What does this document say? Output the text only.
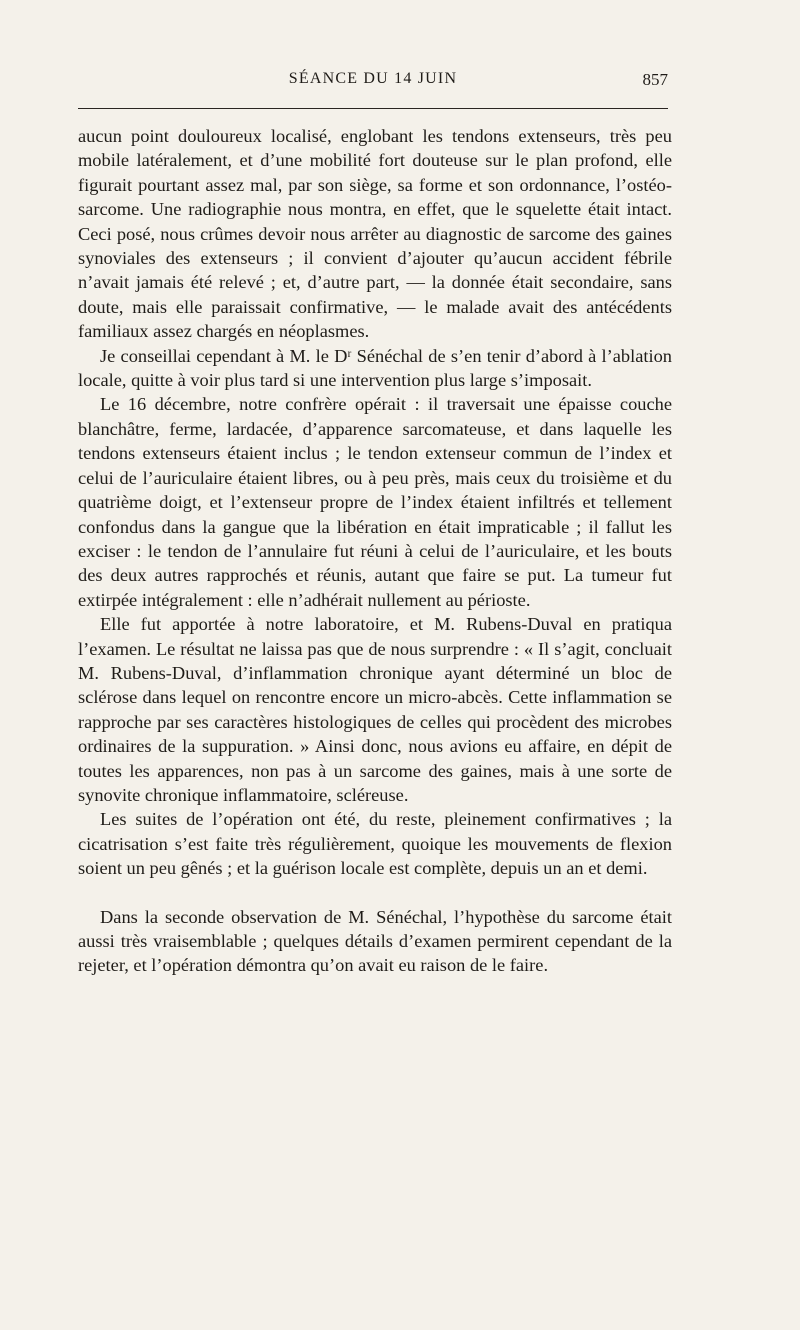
SÉANCE DU 14 JUIN	857

aucun point douloureux localisé, englobant les tendons extenseurs, très peu mobile latéralement, et d’une mobilité fort douteuse sur le plan profond, elle figurait pourtant assez mal, par son siège, sa forme et son ordonnance, l’ostéo-sarcome. Une radiographie nous montra, en effet, que le squelette était intact. Ceci posé, nous crûmes devoir nous arrêter au diagnostic de sarcome des gaines synoviales des extenseurs ; il convient d’ajouter qu’aucun accident fébrile n’avait jamais été relevé ; et, d’autre part, — la donnée était secondaire, sans doute, mais elle paraissait confirmative, — le malade avait des antécédents familiaux assez chargés en néoplasmes.

Je conseillai cependant à M. le Dʳ Sénéchal de s’en tenir d’abord à l’ablation locale, quitte à voir plus tard si une intervention plus large s’imposait.

Le 16 décembre, notre confrère opérait : il traversait une épaisse couche blanchâtre, ferme, lardacée, d’apparence sarcomateuse, et dans laquelle les tendons extenseurs étaient inclus ; le tendon extenseur commun de l’index et celui de l’auriculaire étaient libres, ou à peu près, mais ceux du troisième et du quatrième doigt, et l’extenseur propre de l’index étaient infiltrés et tellement confondus dans la gangue que la libération en était impraticable ; il fallut les exciser : le tendon de l’annulaire fut réuni à celui de l’auriculaire, et les bouts des deux autres rapprochés et réunis, autant que faire se put. La tumeur fut extirpée intégralement : elle n’adhérait nullement au périoste.

Elle fut apportée à notre laboratoire, et M. Rubens-Duval en pratiqua l’examen. Le résultat ne laissa pas que de nous surprendre : « Il s’agit, concluait M. Rubens-Duval, d’inflammation chronique ayant déterminé un bloc de sclérose dans lequel on rencontre encore un micro-abcès. Cette inflammation se rapproche par ses caractères histologiques de celles qui procèdent des microbes ordinaires de la suppuration. » Ainsi donc, nous avions eu affaire, en dépit de toutes les apparences, non pas à un sarcome des gaines, mais à une sorte de synovite chronique inflammatoire, scléreuse.

Les suites de l’opération ont été, du reste, pleinement confirmatives ; la cicatrisation s’est faite très régulièrement, quoique les mouvements de flexion soient un peu gênés ; et la guérison locale est complète, depuis un an et demi.

Dans la seconde observation de M. Sénéchal, l’hypothèse du sarcome était aussi très vraisemblable ; quelques détails d’examen permirent cependant de la rejeter, et l’opération démontra qu’on avait eu raison de le faire.
